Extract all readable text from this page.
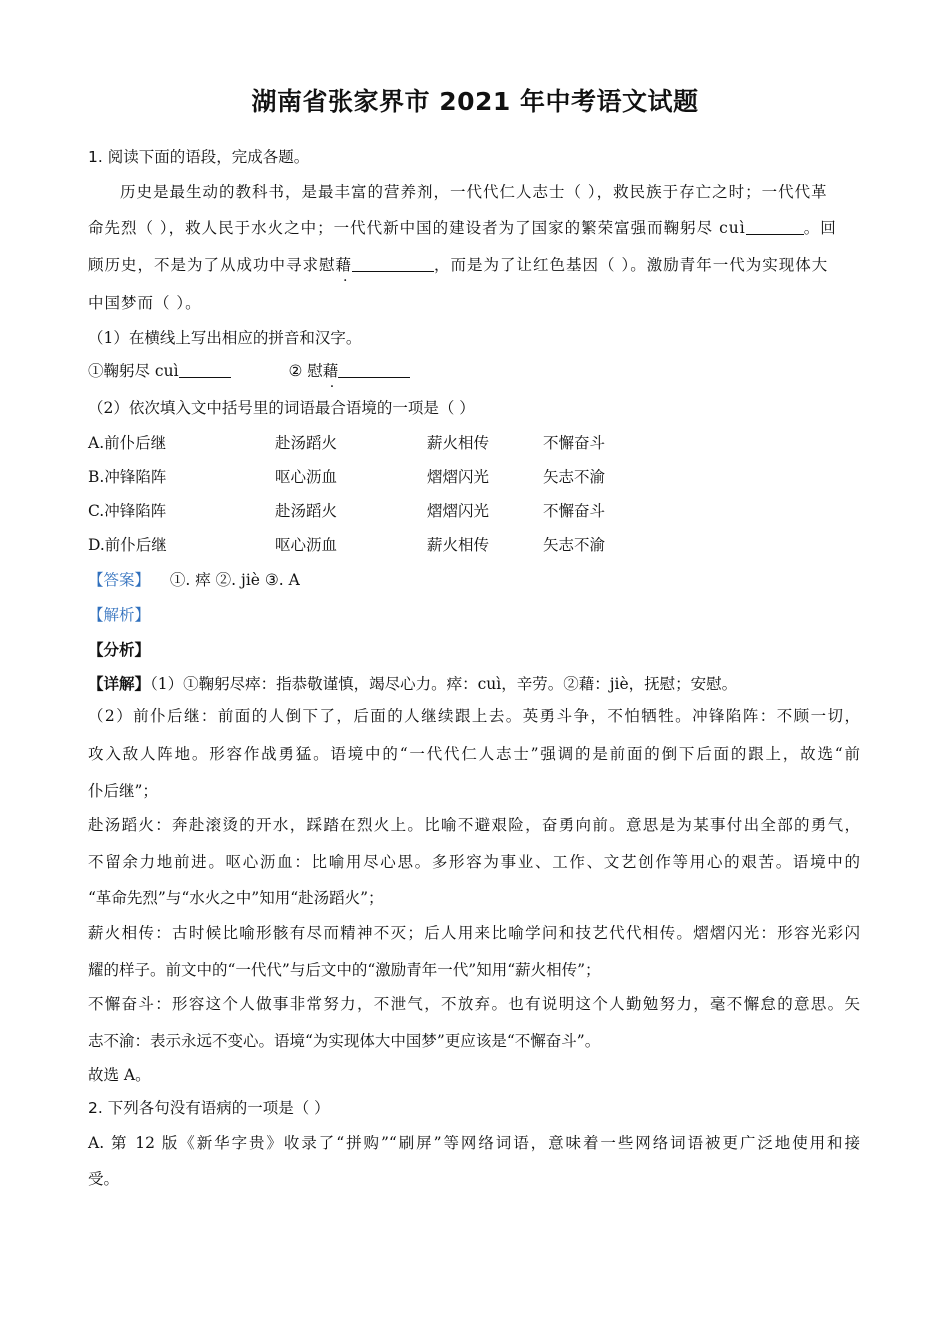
湖南省张家界市 2021 年中考语文试题
1. 阅读下面的语段，完成各题。
历史是最生动的教科书，是最丰富的营养剂，一代代仁人志士（ ），救民族于存亡之时；一代代革
命先烈（ ），救人民于水火之中；一代代新中国的建设者为了国家的繁荣富强而鞠躬尽 cuì	。回
顾历史，不是为了从成功中寻求慰藉	，而是为了让红色基因（ ）。激励青年一代为实现体大
中国梦而（ ）。
（1）在横线上写出相应的拼音和汉字。
①鞠躬尽 cuì	② 慰藉
（2）依次填入文中括号里的词语最合语境的一项是（ ）
A.前仆后继	赴汤蹈火	薪火相传	不懈奋斗
B.冲锋陷阵	呕心沥血	熠熠闪光	矢志不渝
C.冲锋陷阵	赴汤蹈火	熠熠闪光	不懈奋斗
D.前仆后继	呕心沥血	薪火相传	矢志不渝
【答案】 ①. 瘁 ②. jiè ③. A
【解析】
【分析】
【详解】（1）①鞠躬尽瘁：指恭敬谨慎，竭尽心力。瘁：cuì，辛劳。②藉：jiè，抚慰；安慰。
（2）前仆后继：前面的人倒下了，后面的人继续跟上去。英勇斗争，不怕牺牲。冲锋陷阵：不顾一切，
攻入敌人阵地。形容作战勇猛。语境中的“一代代仁人志士”强调的是前面的倒下后面的跟上，故选“前
仆后继”；
赴汤蹈火：奔赴滚烫的开水，踩踏在烈火上。比喻不避艰险，奋勇向前。意思是为某事付出全部的勇气，
不留余力地前进。呕心沥血：比喻用尽心思。多形容为事业、工作、文艺创作等用心的艰苦。语境中的
“革命先烈”与“水火之中”知用“赴汤蹈火”；
薪火相传：古时候比喻形骸有尽而精神不灭；后人用来比喻学问和技艺代代相传。熠熠闪光：形容光彩闪
耀的样子。前文中的“一代代”与后文中的“激励青年一代”知用“薪火相传”；
不懈奋斗：形容这个人做事非常努力，不泄气，不放弃。也有说明这个人勤勉努力，毫不懈怠的意思。矢
志不渝：表示永远不变心。语境“为实现体大中国梦”更应该是“不懈奋斗”。
故选 A。
2. 下列各句没有语病的一项是（ ）
A. 第 12 版《新华字贵》收录了“拼购”“刷屏”等网络词语，意味着一些网络词语被更广泛地使用和接
受。
